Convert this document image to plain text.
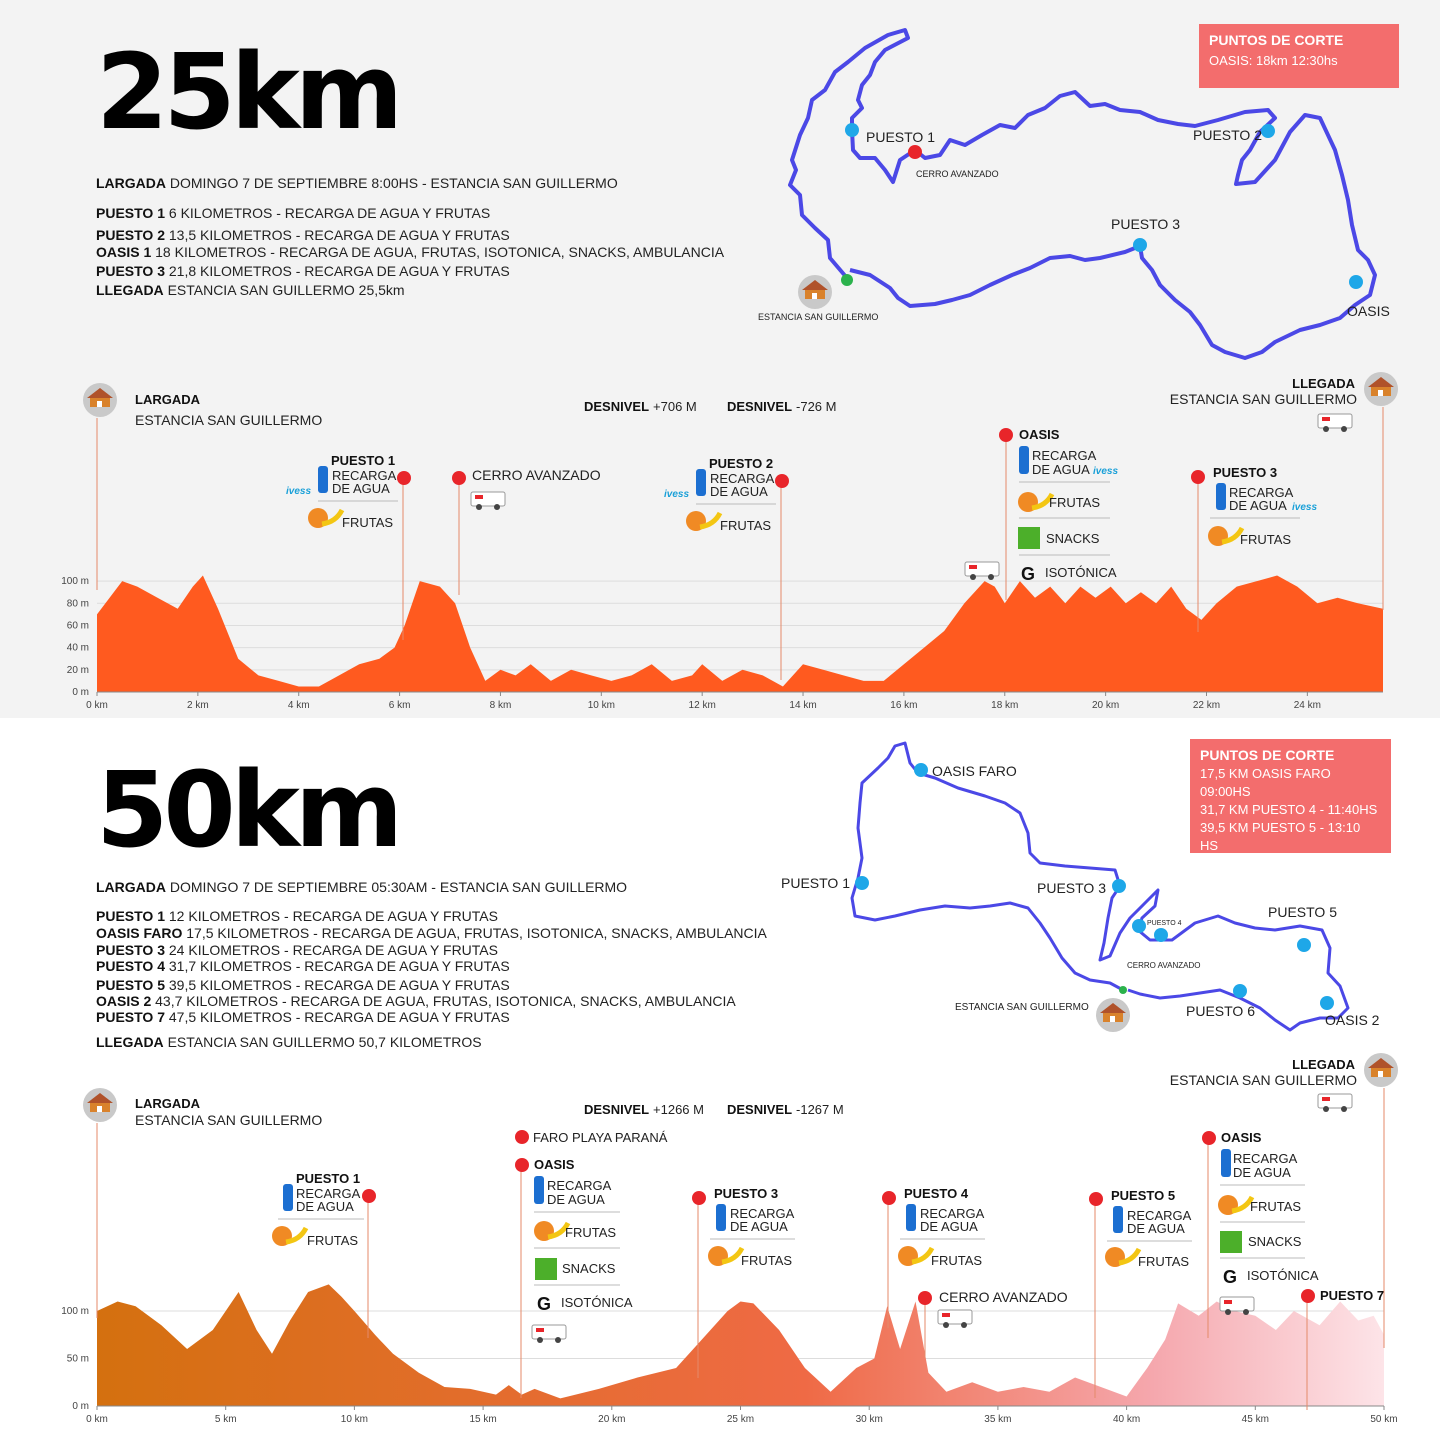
25km
LARGADA DOMINGO 7 DE SEPTIEMBRE 8:00HS - ESTANCIA SAN GUILLERMO
PUESTO 1 6 KILOMETROS - RECARGA DE AGUA Y FRUTAS
PUESTO 2 13,5 KILOMETROS - RECARGA DE AGUA Y FRUTAS
OASIS 1 18 KILOMETROS - RECARGA DE AGUA, FRUTAS, ISOTONICA, SNACKS, AMBULANCIA
PUESTO 3 21,8 KILOMETROS - RECARGA DE AGUA Y FRUTAS
LLEGADA ESTANCIA SAN GUILLERMO 25,5km
PUNTOS DE CORTE
OASIS: 18km 12:30hs
PUESTO 1	PUESTO 2
PUESTO 3
OASIS
CERRO AVANZADO
ESTANCIA SAN GUILLERMO
0 m
20 m
40 m
60 m
80 m
100 m
0 km	2 km	4 km	6 km	8 km	10 km	12 km	14 km	16 km	18 km	20 km	22 km	24 km
LARGADA
ESTANCIA SAN GUILLERMO
LLEGADA
ESTANCIA SAN GUILLERMO
DESNIVEL +706 M DESNIVEL -726 M
PUESTO 1
RECARGA
DE AGUA
ivess
FRUTAS
CERRO AVANZADO
PUESTO 2
RECARGA
DE AGUA
ivess
FRUTAS
OASIS
RECARGA
DE AGUA ivess
FRUTAS
SNACKS
G ISOTÓNICA
PUESTO 3
RECARGA
DE AGUA ivess
FRUTAS
50km
LARGADA DOMINGO 7 DE SEPTIEMBRE 05:30AM - ESTANCIA SAN GUILLERMO
PUESTO 1 12 KILOMETROS - RECARGA DE AGUA Y FRUTAS
OASIS FARO 17,5 KILOMETROS - RECARGA DE AGUA, FRUTAS, ISOTONICA, SNACKS, AMBULANCIA
PUESTO 3 24 KILOMETROS - RECARGA DE AGUA Y FRUTAS
PUESTO 4 31,7 KILOMETROS - RECARGA DE AGUA Y FRUTAS
PUESTO 5 39,5 KILOMETROS - RECARGA DE AGUA Y FRUTAS
OASIS 2 43,7 KILOMETROS - RECARGA DE AGUA, FRUTAS, ISOTONICA, SNACKS, AMBULANCIA
PUESTO 7 47,5 KILOMETROS - RECARGA DE AGUA Y FRUTAS
LLEGADA ESTANCIA SAN GUILLERMO 50,7 KILOMETROS
PUNTOS DE CORTE
17,5 KM OASIS FARO 09:00HS
31,7 KM PUESTO 4 - 11:40HS
39,5 KM PUESTO 5 - 13:10 HS
43,7 KM OASIS 2 - 14:00 HS
OASIS FARO
PUESTO 1	PUESTO 3
PUESTO 4
CERRO AVANZADO
PUESTO 5
PUESTO 6
OASIS 2
ESTANCIA SAN GUILLERMO
0 m
50 m
100 m
0 km	5 km	10 km	15 km	20 km	25 km	30 km	35 km	40 km	45 km	50 km
LARGADA
ESTANCIA SAN GUILLERMO
LLEGADA
ESTANCIA SAN GUILLERMO
DESNIVEL +1266 M DESNIVEL -1267 M
PUESTO 1
RECARGA
DE AGUA
FRUTAS
FARO PLAYA PARANÁ
OASIS
RECARGA
DE AGUA
FRUTAS
SNACKS
G ISOTÓNICA
PUESTO 3
RECARGA
DE AGUA
FRUTAS
PUESTO 4
RECARGA
DE AGUA
FRUTAS
CERRO AVANZADO
PUESTO 5
RECARGA
DE AGUA
FRUTAS
OASIS
RECARGA
DE AGUA
FRUTAS
SNACKS
G ISOTÓNICA
PUESTO 7
